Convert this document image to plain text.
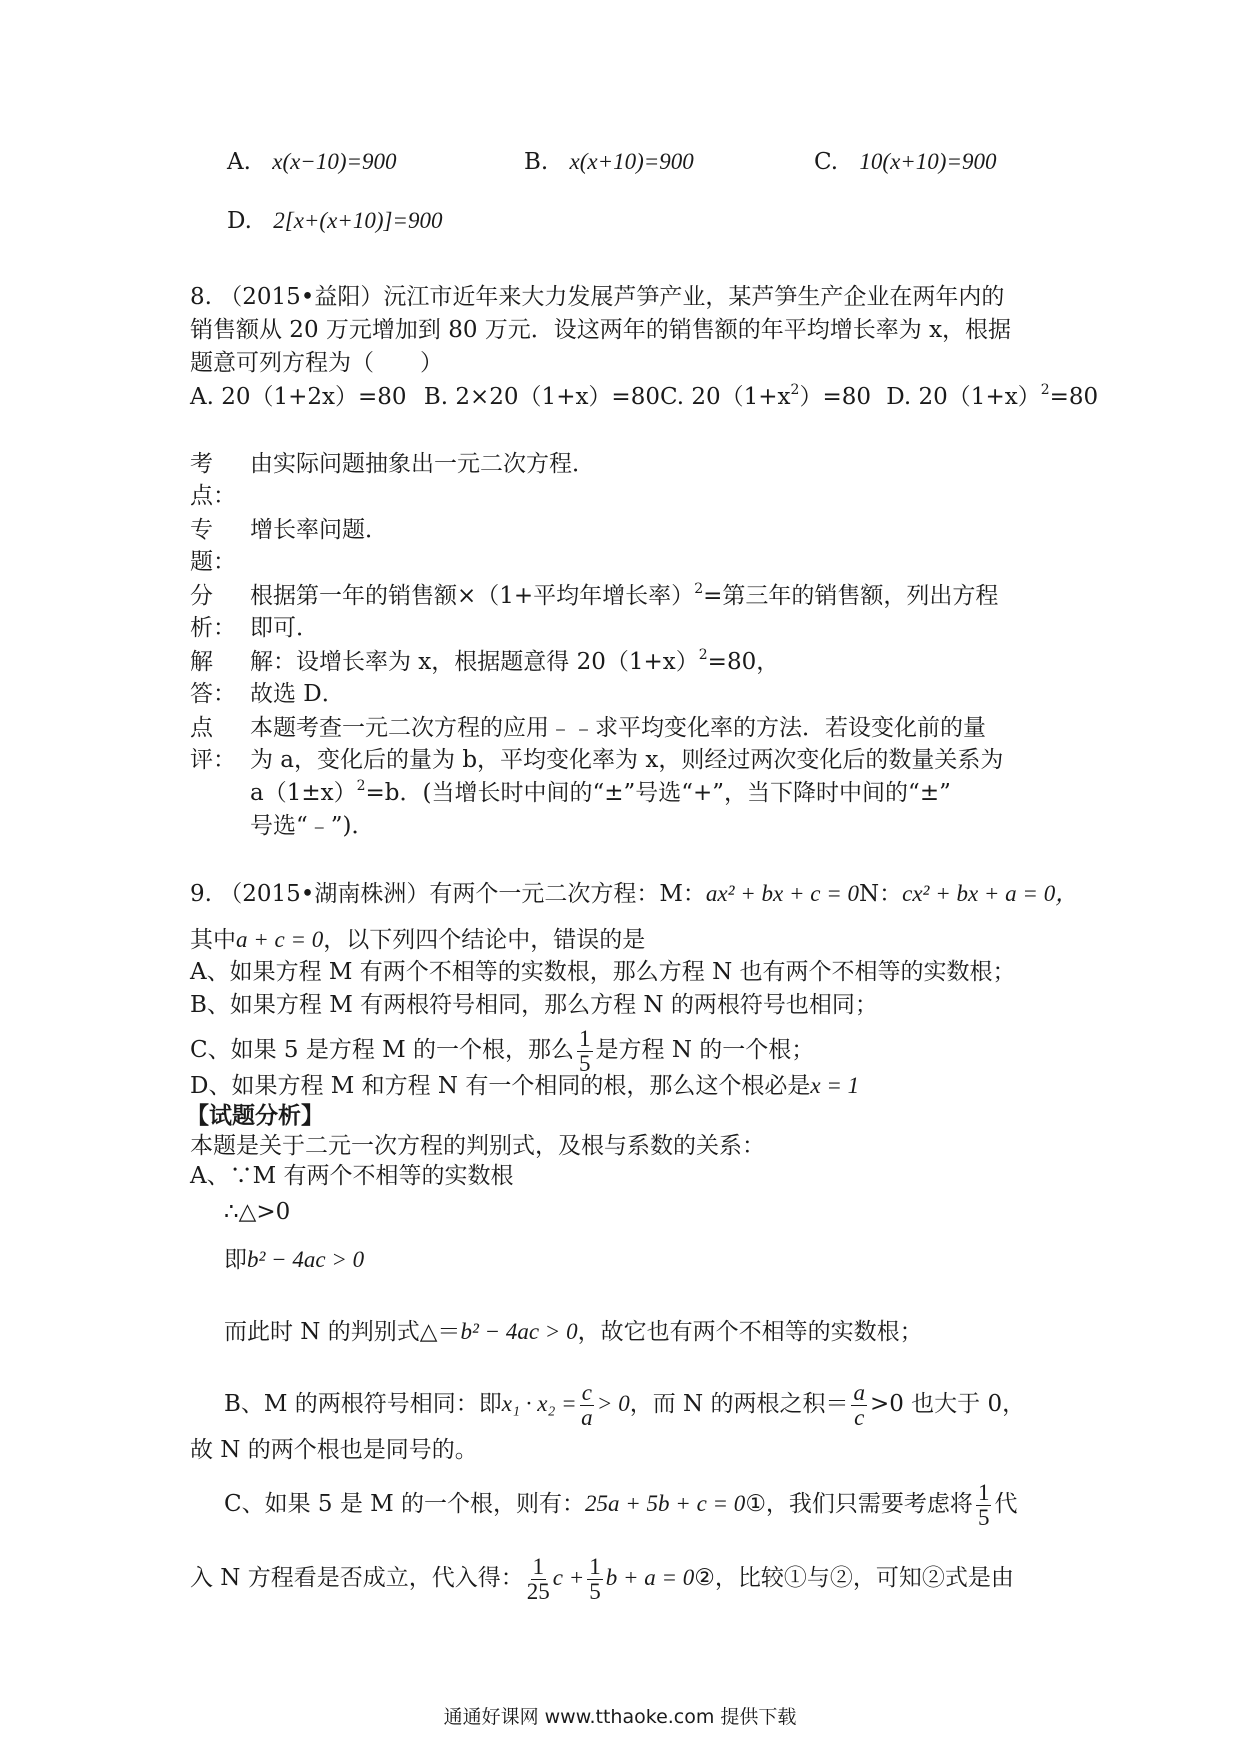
A. x(x−10)=900	B. x(x+10)=900	C. 10(x+10)=900
D. 2[x+(x+10)]=900
8. （2015•益阳）沅江市近年来大力发展芦笋产业，某芦笋生产企业在两年内的
销售额从 20 万元增加到 80 万元．设这两年的销售额的年平均增长率为 x，根据
题意可列方程为（　　）
A. 20（1+2x）=80 B. 2×20（1+x）=80C. $20(1+x^2)=80$ D. $20(1+x)^2=80$
考
点：
由实际问题抽象出一元二次方程．
专
题：
增长率问题．
分
析：
根据第一年的销售额×（1+平均年增长率）$^2$=第三年的销售额，列出方程
即可．
解
答：
解：设增长率为 x，根据题意得 $20(1+x)^2=80$，
故选 D．
点
评：
本题考查一元二次方程的应用﹣﹣求平均变化率的方法．若设变化前的量
为 a，变化后的量为 b，平均变化率为 x，则经过两次变化后的数量关系为
$a(1\pm x)^2=b$．(当增长时中间的“±”号选“+”，当下降时中间的“±”
号选“﹣”)．
9. （2015•湖南株洲）有两个一元二次方程：M：ax² + bx + c = 0N：cx² + bx + a = 0，
其中a + c = 0，以下列四个结论中，错误的是
A、如果方程 M 有两个不相等的实数根，那么方程 N 也有两个不相等的实数根；
B、如果方程 M 有两根符号相同，那么方程 N 的两根符号也相同；
C、如果 5 是方程 M 的一个根，那么 $\frac{1}{5}$ 是方程 N 的一个根；
D、如果方程 M 和方程 N 有一个相同的根，那么这个根必是x = 1
【试题分析】
本题是关于二元一次方程的判别式，及根与系数的关系：
A、∵M 有两个不相等的实数根
∴△>0
即b² − 4ac > 0
而此时 N 的判别式△＝b² − 4ac > 0，故它也有两个不相等的实数根；
B、M 的两根符号相同：即$x_1 \cdot x_2 = \frac{c}{a} > 0$，而 N 的两根之积＝ $\frac{a}{c} >0$ 也大于 0，
故 N 的两个根也是同号的。
C、如果 5 是 M 的一个根，则有：25a + 5b + c = 0①，我们只需要考虑将 $\frac{1}{5}$ 代
入 N 方程看是否成立，代入得： $\frac{1}{25}$ $c + \frac{1}{5}$ b + a = 0②，比较①与②，可知②式是由
通通好课网 www.tthaoke.com 提供下载
